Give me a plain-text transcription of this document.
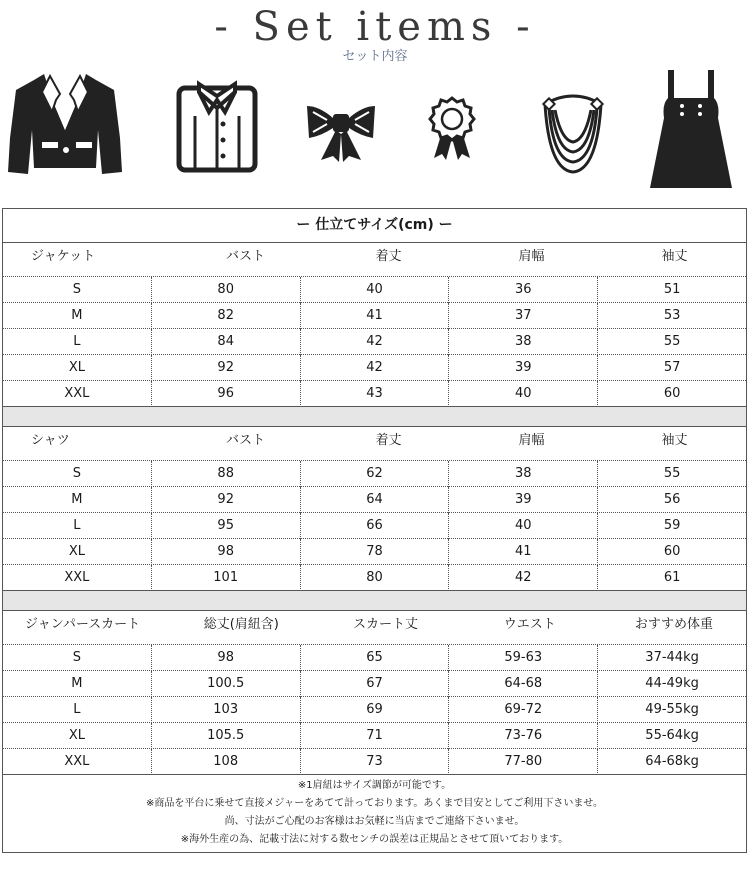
- Set items -
セット内容
ー 仕立てサイズ(cm) ー
ジャケット	バスト	着丈	肩幅	袖丈
S	80	40	36	51
M	82	41	37	53
L	84	42	38	55
XL	92	42	39	57
XXL	96	43	40	60
シャツ	バスト	着丈	肩幅	袖丈
S	88	62	38	55
M	92	64	39	56
L	95	66	40	59
XL	98	78	41	60
XXL	101	80	42	61
ジャンパースカート	総丈(肩紐含)	スカート丈	ウエスト	おすすめ体重
S	98	65	59-63	37-44kg
M	100.5	67	64-68	44-49kg
L	103	69	69-72	49-55kg
XL	105.5	71	73-76	55-64kg
XXL	108	73	77-80	64-68kg
※1肩紐はサイズ調節が可能です。
※商品を平台に乗せて直接メジャーをあてて計っております。あくまで目安としてご利用下さいませ。
尚、寸法がご心配のお客様はお気軽に当店までご連絡下さいませ。
※海外生産の為、記載寸法に対する数センチの誤差は正規品とさせて頂いております。
